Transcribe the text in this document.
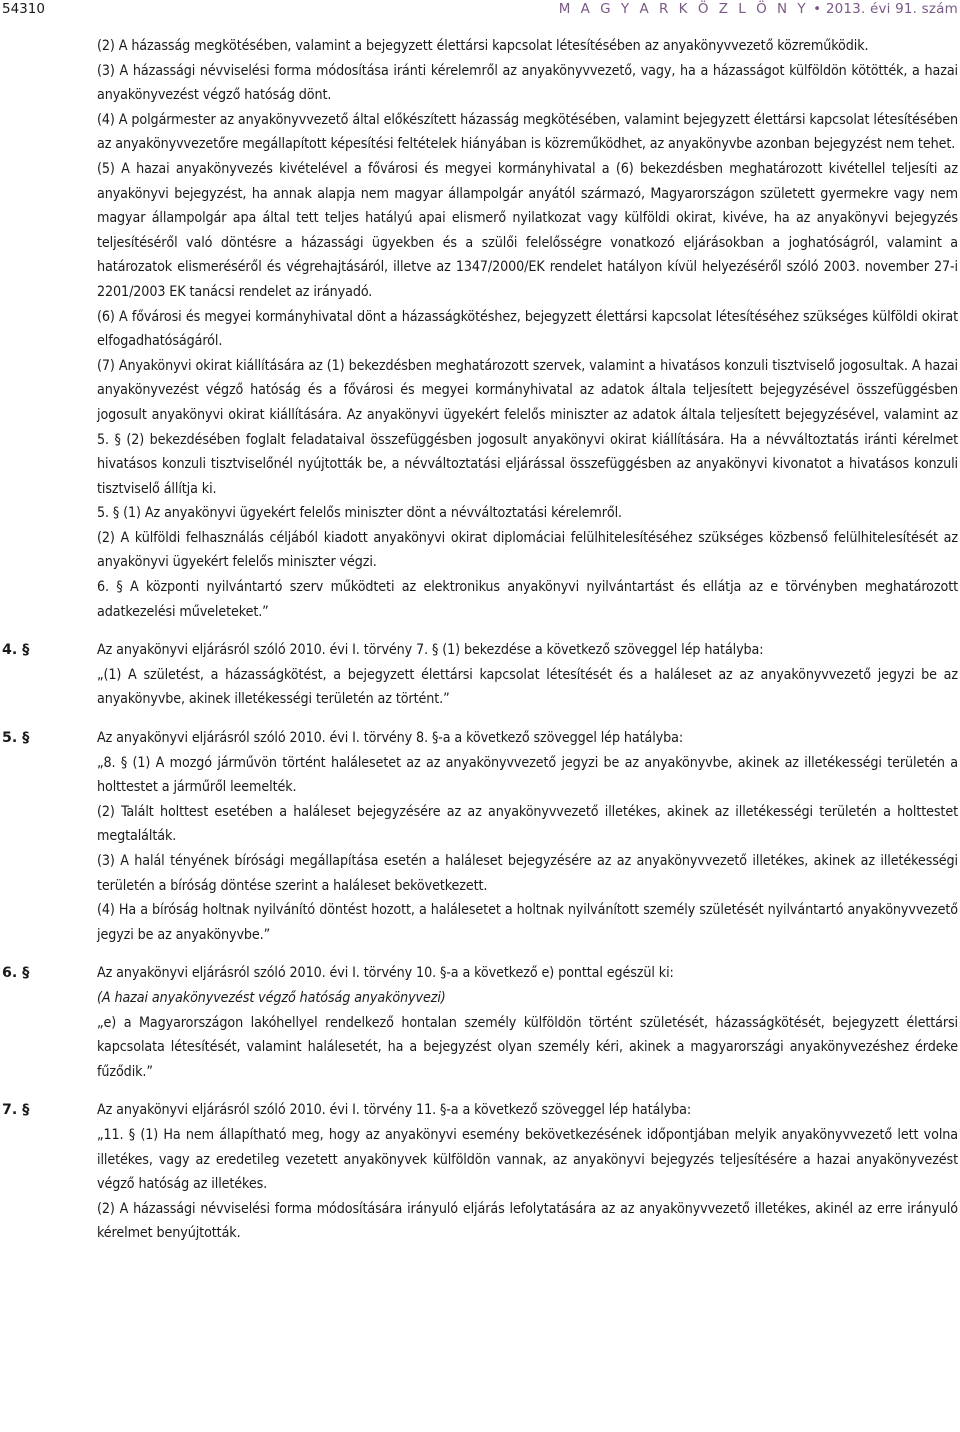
54310	M A G Y A R K Ö Z L Ö N Y • 2013. évi 91. szám

(2) A házasság megkötésében, valamint a bejegyzett élettársi kapcsolat létesítésében az anyakönyvvezető közreműködik.

(3) A házassági névviselési forma módosítása iránti kérelemről az anyakönyvvezető, vagy, ha a házasságot külföldön kötötték, a hazai anyakönyvezést végző hatóság dönt.

(4) A polgármester az anyakönyvvezető által előkészített házasság megkötésében, valamint bejegyzett élettársi kapcsolat létesítésében az anyakönyvvezetőre megállapított képesítési feltételek hiányában is közreműködhet, az anyakönyvbe azonban bejegyzést nem tehet.

(5) A hazai anyakönyvezés kivételével a fővárosi és megyei kormányhivatal a (6) bekezdésben meghatározott kivétellel teljesíti az anyakönyvi bejegyzést, ha annak alapja nem magyar állampolgár anyától származó, Magyarországon született gyermekre vagy nem magyar állampolgár apa által tett teljes hatályú apai elismerő nyilatkozat vagy külföldi okirat, kivéve, ha az anyakönyvi bejegyzés teljesítéséről való döntésre a házassági ügyekben és a szülői felelősségre vonatkozó eljárásokban a joghatóságról, valamint a határozatok elismeréséről és végrehajtásáról, illetve az 1347/2000/EK rendelet hatályon kívül helyezéséről szóló 2003. november 27-i 2201/2003 EK tanácsi rendelet az irányadó.

(6) A fővárosi és megyei kormányhivatal dönt a házasságkötéshez, bejegyzett élettársi kapcsolat létesítéséhez szükséges külföldi okirat elfogadhatóságáról.

(7) Anyakönyvi okirat kiállítására az (1) bekezdésben meghatározott szervek, valamint a hivatásos konzuli tisztviselő jogosultak. A hazai anyakönyvezést végző hatóság és a fővárosi és megyei kormányhivatal az adatok általa teljesített bejegyzésével összefüggésben jogosult anyakönyvi okirat kiállítására. Az anyakönyvi ügyekért felelős miniszter az adatok általa teljesített bejegyzésével, valamint az 5. § (2) bekezdésében foglalt feladataival összefüggésben jogosult anyakönyvi okirat kiállítására. Ha a névváltoztatás iránti kérelmet hivatásos konzuli tisztviselőnél nyújtották be, a névváltoztatási eljárással összefüggésben az anyakönyvi kivonatot a hivatásos konzuli tisztviselő állítja ki.

5. § (1) Az anyakönyvi ügyekért felelős miniszter dönt a névváltoztatási kérelemről.

(2) A külföldi felhasználás céljából kiadott anyakönyvi okirat diplomáciai felülhitelesítéséhez szükséges közbenső felülhitelesítését az anyakönyvi ügyekért felelős miniszter végzi.

6. § A központi nyilvántartó szerv működteti az elektronikus anyakönyvi nyilvántartást és ellátja az e törvényben meghatározott adatkezelési műveleteket.”

4. §	Az anyakönyvi eljárásról szóló 2010. évi I. törvény 7. § (1) bekezdése a következő szöveggel lép hatályba:

„(1) A születést, a házasságkötést, a bejegyzett élettársi kapcsolat létesítését és a haláleset az az anyakönyvvezető jegyzi be az anyakönyvbe, akinek illetékességi területén az történt.”

5. §	Az anyakönyvi eljárásról szóló 2010. évi I. törvény 8. §-a a következő szöveggel lép hatályba:

„8. § (1) A mozgó járművön történt halálesetet az az anyakönyvvezető jegyzi be az anyakönyvbe, akinek az illetékességi területén a holttestet a járműről leemelték.

(2) Talált holttest esetében a haláleset bejegyzésére az az anyakönyvvezető illetékes, akinek az illetékességi területén a holttestet megtalálták.

(3) A halál tényének bírósági megállapítása esetén a haláleset bejegyzésére az az anyakönyvvezető illetékes, akinek az illetékességi területén a bíróság döntése szerint a haláleset bekövetkezett.

(4) Ha a bíróság holtnak nyilvánító döntést hozott, a halálesetet a holtnak nyilvánított személy születését nyilvántartó anyakönyvvezető jegyzi be az anyakönyvbe.”

6. §	Az anyakönyvi eljárásról szóló 2010. évi I. törvény 10. §-a a következő e) ponttal egészül ki:

(A hazai anyakönyvezést végző hatóság anyakönyvezi)

„e) a Magyarországon lakóhellyel rendelkező hontalan személy külföldön történt születését, házasságkötését, bejegyzett élettársi kapcsolata létesítését, valamint halálesetét, ha a bejegyzést olyan személy kéri, akinek a magyarországi anyakönyvezéshez érdeke fűződik.”

7. §	Az anyakönyvi eljárásról szóló 2010. évi I. törvény 11. §-a a következő szöveggel lép hatályba:

„11. § (1) Ha nem állapítható meg, hogy az anyakönyvi esemény bekövetkezésének időpontjában melyik anyakönyvvezető lett volna illetékes, vagy az eredetileg vezetett anyakönyvek külföldön vannak, az anyakönyvi bejegyzés teljesítésére a hazai anyakönyvezést végző hatóság az illetékes.

(2) A házassági névviselési forma módosítására irányuló eljárás lefolytatására az az anyakönyvvezető illetékes, akinél az erre irányuló kérelmet benyújtották.
